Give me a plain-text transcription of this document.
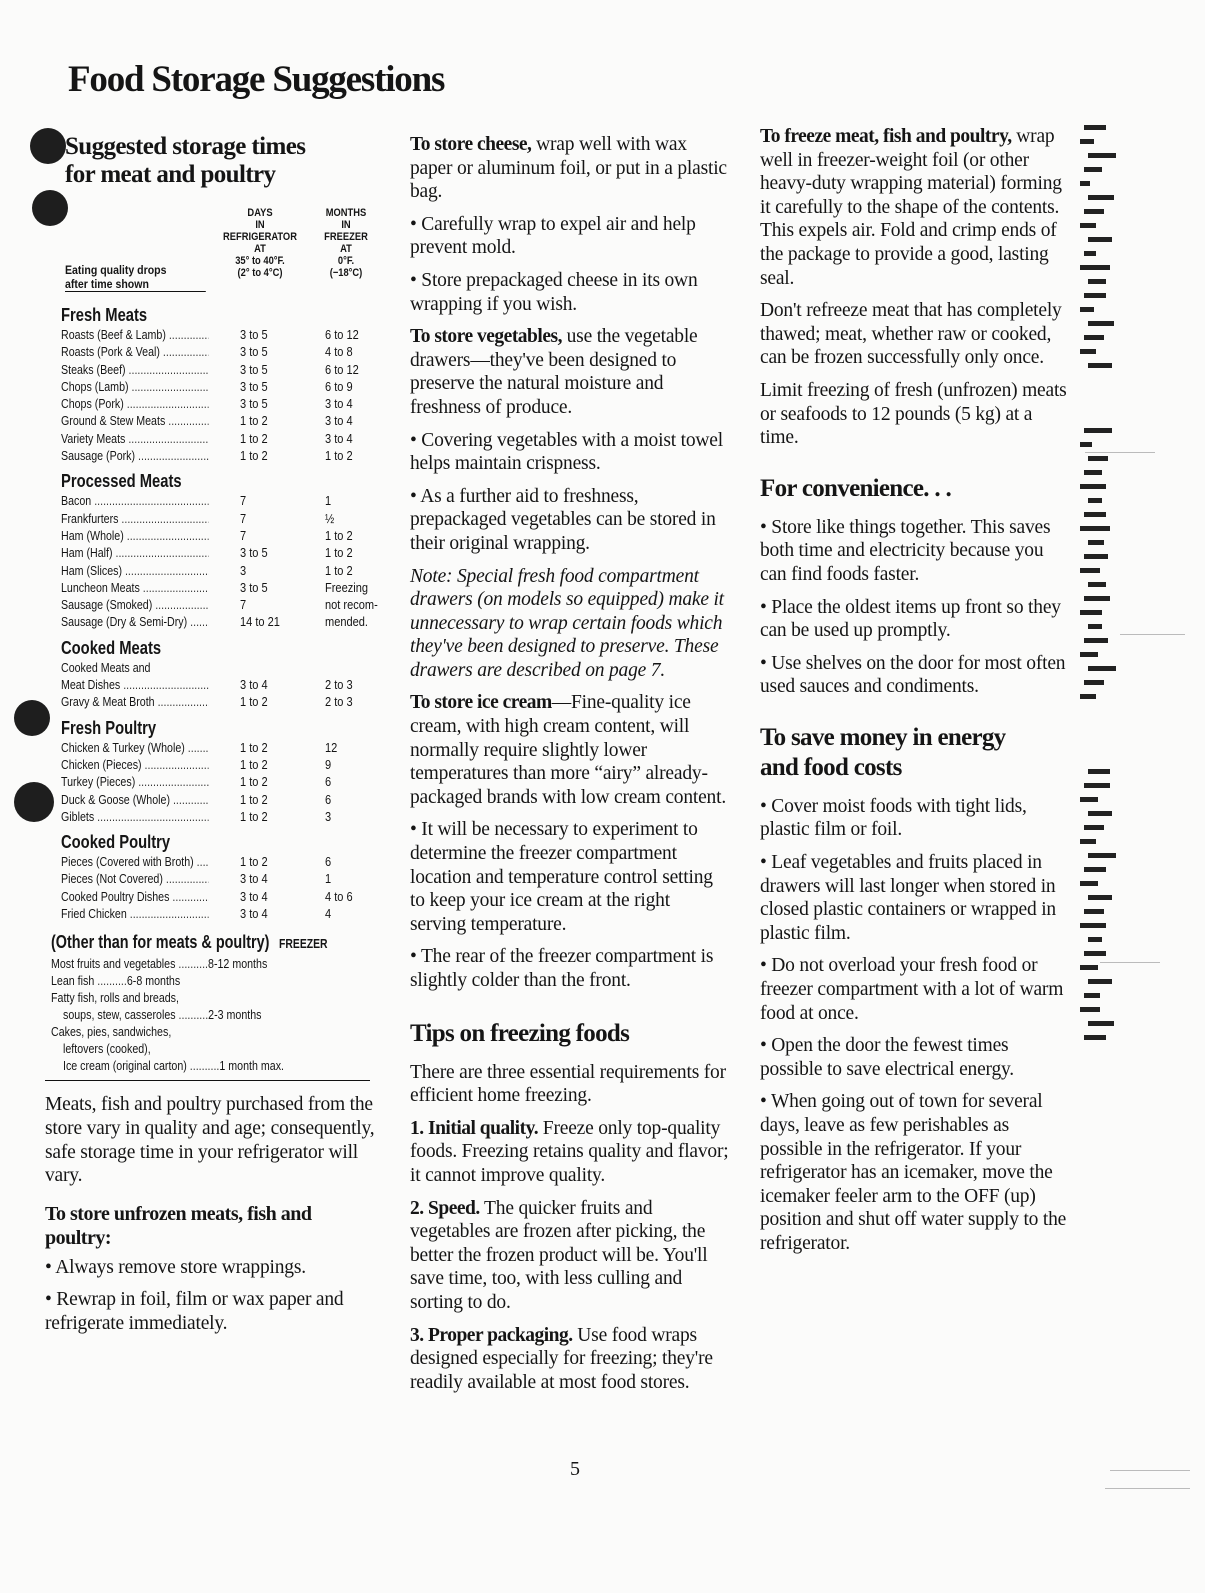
Food Storage Suggestions
Suggested storage times
for meat and poultry
DAYS
IN
REFRIGERATOR
AT
35° to 40°F.
(2° to 4°C)
MONTHS
IN
FREEZER
AT
0°F.
(−18°C)
Eating quality drops
after time shown
Fresh Meats
Roasts (Beef & Lamb) .....	3 to 5	6 to 12
Roasts (Pork & Veal) .....	3 to 5	4 to 8
Steaks (Beef) .....	3 to 5	6 to 12
Chops (Lamb) .....	3 to 5	6 to 9
Chops (Pork) .....	3 to 5	3 to 4
Ground & Stew Meats .....	1 to 2	3 to 4
Variety Meats .....	1 to 2	3 to 4
Sausage (Pork) .....	1 to 2	1 to 2
Processed Meats
Bacon .....	7	1
Frankfurters .....	7	½
Ham (Whole) .....	7	1 to 2
Ham (Half) .....	3 to 5	1 to 2
Ham (Slices) .....	3	1 to 2
Luncheon Meats .....	3 to 5	Freezing
Sausage (Smoked) .....	7	not recom-
Sausage (Dry & Semi-Dry) .....	14 to 21	mended.
Cooked Meats
Cooked Meats and
Meat Dishes .....	3 to 4	2 to 3
Gravy & Meat Broth .....	1 to 2	2 to 3
Fresh Poultry
Chicken & Turkey (Whole) .....	1 to 2	12
Chicken (Pieces) .....	1 to 2	9
Turkey (Pieces) .....	1 to 2	6
Duck & Goose (Whole) .....	1 to 2	6
Giblets .....	1 to 2	3
Cooked Poultry
Pieces (Covered with Broth) .....	1 to 2	6
Pieces (Not Covered) .....	3 to 4	1
Cooked Poultry Dishes .....	3 to 4	4 to 6
Fried Chicken .....	3 to 4	4
(Other than for meats & poultry) FREEZER
Most fruits and vegetables ..........8-12 months
Lean fish ..........6-8 months
Fatty fish, rolls and breads,
soups, stew, casseroles ..........2-3 months
Cakes, pies, sandwiches,
leftovers (cooked),
Ice cream (original carton) ..........1 month max.

Meats, fish and poultry purchased from the store vary in quality and age; consequently, safe storage time in your refrigerator will vary.

To store unfrozen meats, fish and poultry:

• Always remove store wrappings.

• Rewrap in foil, film or wax paper and refrigerate immediately.

To store cheese, wrap well with wax paper or aluminum foil, or put in a plastic bag.

• Carefully wrap to expel air and help prevent mold.

• Store prepackaged cheese in its own wrapping if you wish.

To store vegetables, use the vegetable drawers—they've been designed to preserve the natural moisture and freshness of produce.

• Covering vegetables with a moist towel helps maintain crispness.

• As a further aid to freshness, prepackaged vegetables can be stored in their original wrapping.

Note: Special fresh food compartment drawers (on models so equipped) make it unnecessary to wrap certain foods which they've been designed to preserve. These drawers are described on page 7.

To store ice cream—Fine-quality ice cream, with high cream content, will normally require slightly lower temperatures than more “airy” already-packaged brands with low cream content.

• It will be necessary to experiment to determine the freezer compartment location and temperature control setting to keep your ice cream at the right serving temperature.

• The rear of the freezer compartment is slightly colder than the front.

Tips on freezing foods

There are three essential requirements for efficient home freezing.

1. Initial quality. Freeze only top-quality foods. Freezing retains quality and flavor; it cannot improve quality.

2. Speed. The quicker fruits and vegetables are frozen after picking, the better the frozen product will be. You'll save time, too, with less culling and sorting to do.

3. Proper packaging. Use food wraps designed especially for freezing; they're readily available at most food stores.

To freeze meat, fish and poultry, wrap well in freezer-weight foil (or other heavy-duty wrapping material) forming it carefully to the shape of the contents. This expels air. Fold and crimp ends of the package to provide a good, lasting seal.

Don't refreeze meat that has completely thawed; meat, whether raw or cooked, can be frozen successfully only once.

Limit freezing of fresh (unfrozen) meats or seafoods to 12 pounds (5 kg) at a time.

For convenience. . .

• Store like things together. This saves both time and electricity because you can find foods faster.

• Place the oldest items up front so they can be used up promptly.

• Use shelves on the door for most often used sauces and condiments.

To save money in energy
and food costs

• Cover moist foods with tight lids, plastic film or foil.

• Leaf vegetables and fruits placed in drawers will last longer when stored in closed plastic containers or wrapped in plastic film.

• Do not overload your fresh food or freezer compartment with a lot of warm food at once.

• Open the door the fewest times possible to save electrical energy.

• When going out of town for several days, leave as few perishables as possible in the refrigerator. If your refrigerator has an icemaker, move the icemaker feeler arm to the OFF (up) position and shut off water supply to the refrigerator.

5
